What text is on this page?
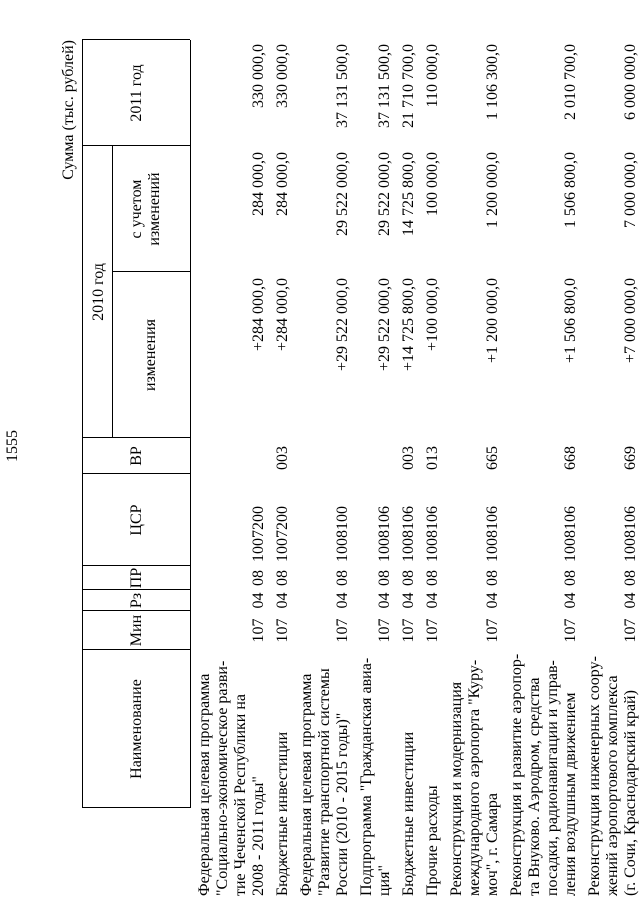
1555
Сумма (тыс. рублей)
Наименование
Мин
Рз
ПР
ЦСР
ВР
2010 год
изменения
с учетом изменений
2011 год
Федеральная целевая программа "Социально-экономическое разви- тие Чеченской Республики на 2008 - 2011 годы"
107
04
08
1007200
+284 000,0
284 000,0
330 000,0
Бюджетные инвестиции
107
04
08
1007200
003
+284 000,0
284 000,0
330 000,0
Федеральная целевая программа "Развитие транспортной системы России (2010 - 2015 годы)"
107
04
08
1008100
+29 522 000,0
29 522 000,0
37 131 500,0
Подпрограмма "Гражданская авиа- ция"
107
04
08
1008106
+29 522 000,0
29 522 000,0
37 131 500,0
Бюджетные инвестиции
107
04
08
1008106
003
+14 725 800,0
14 725 800,0
21 710 700,0
Прочие расходы
107
04
08
1008106
013
+100 000,0
100 000,0
110 000,0
Реконструкция и модернизация международного аэропорта "Куру- моч", г. Самара
107
04
08
1008106
665
+1 200 000,0
1 200 000,0
1 106 300,0
Реконструкция и развитие аэропор- та Внуково. Аэродром, средства посадки, радионавигации и управ- ления воздушным движением
107
04
08
1008106
668
+1 506 800,0
1 506 800,0
2 010 700,0
Реконструкция инженерных соору- жений аэропортового комплекса (г. Сочи, Краснодарский край)
107
04
08
1008106
669
+7 000 000,0
7 000 000,0
6 000 000,0
